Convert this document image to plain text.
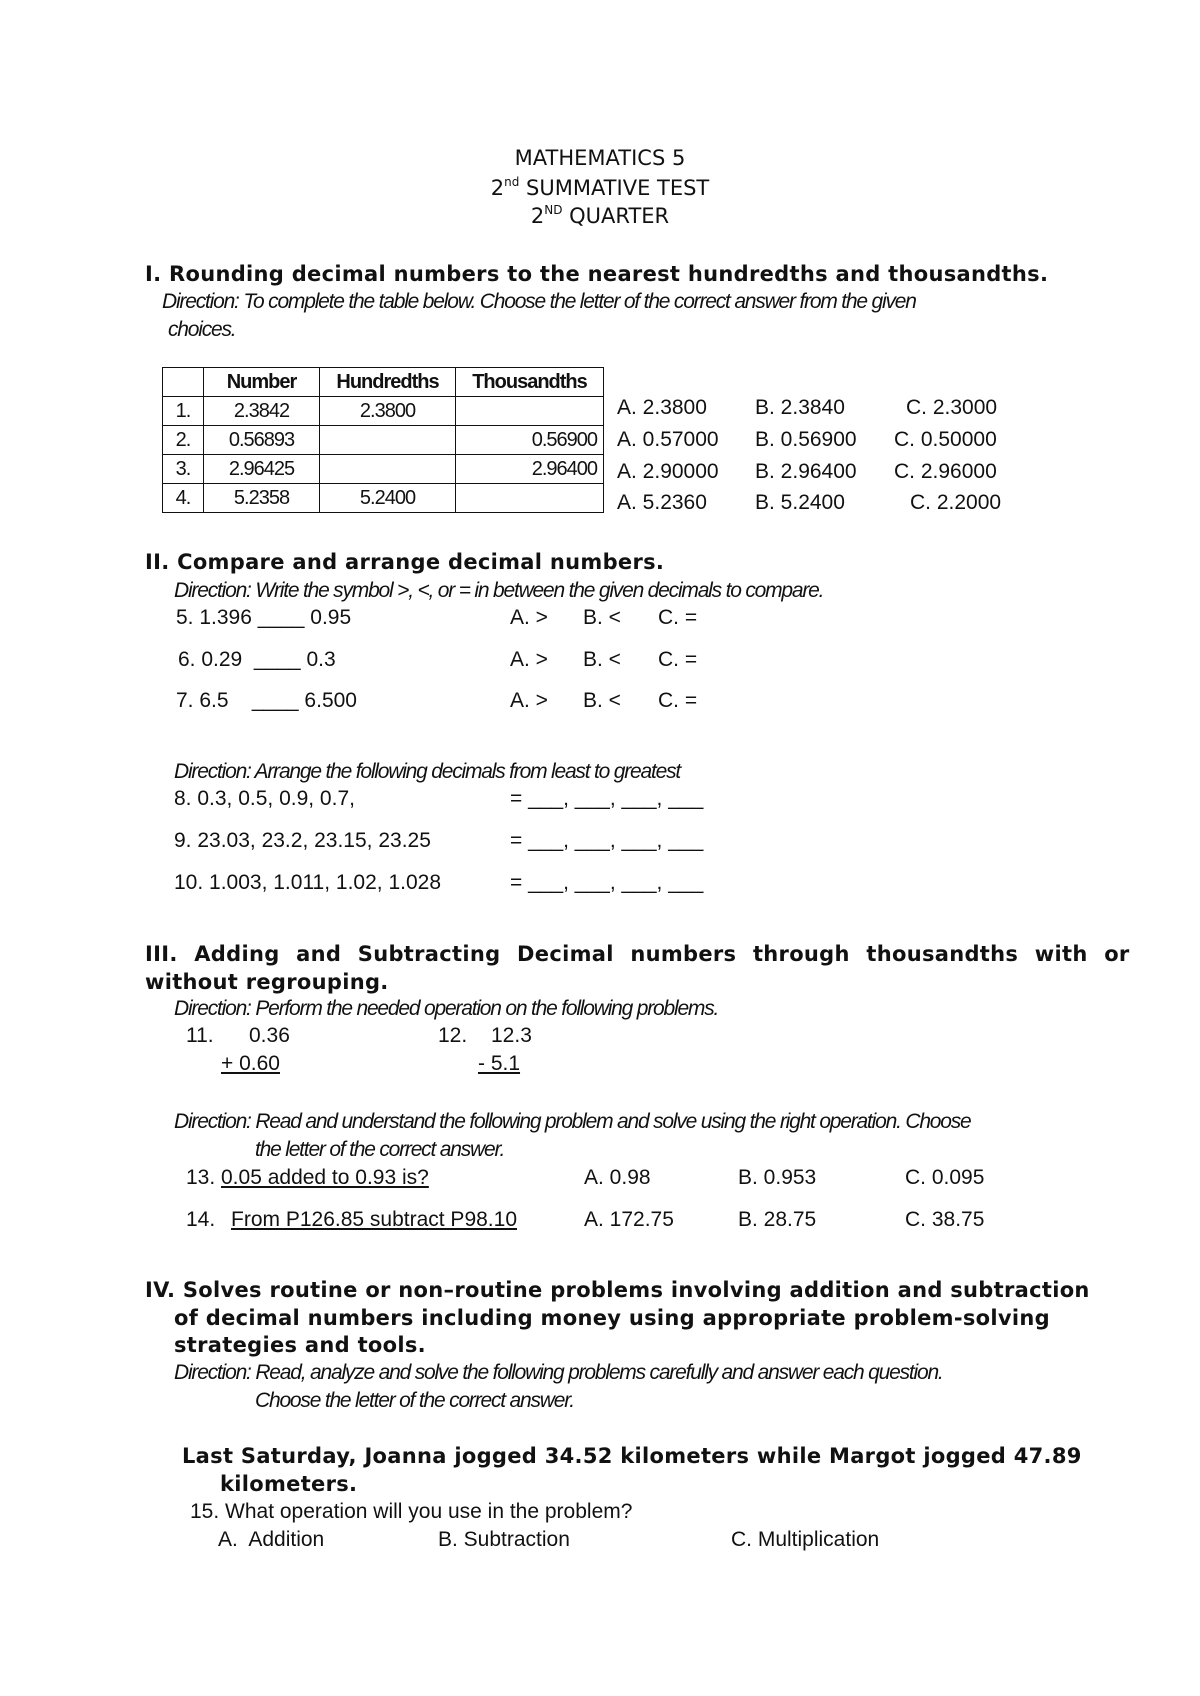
MATHEMATICS 5
2nd SUMMATIVE TEST
2ND QUARTER
I. Rounding decimal numbers to the nearest hundredths and thousandths.
Direction: To complete the table below. Choose the letter of the correct answer from the given
choices.
	Number	Hundredths	Thousandths
1.	2.3842	2.3800	
2.	0.56893		0.56900
3.	2.96425		2.96400
4.	5.2358	5.2400	
A. 2.3800 B. 2.3840	C. 2.3000
A. 0.57000 B. 0.56900 C. 0.50000
A. 2.90000 B. 2.96400 C. 2.96000
A. 5.2360 B. 5.2400	C. 2.2000
II. Compare and arrange decimal numbers.
Direction: Write the symbol >, <, or = in between the given decimals to compare.
5. 1.396 ____ 0.95	A. > B. < C. =
6. 0.29  ____ 0.3	A. > B. < C. =
7. 6.5    ____ 6.500	A. > B. < C. =
Direction: Arrange the following decimals from least to greatest
8. 0.3, 0.5, 0.9, 0.7,	= ___, ___, ___, ___
9. 23.03, 23.2, 23.15, 23.25	= ___, ___, ___, ___
10. 1.003, 1.011, 1.02, 1.028	= ___, ___, ___, ___
III. Adding and Subtracting Decimal numbers through thousandths with or
without regrouping.
Direction: Perform the needed operation on the following problems.
11. 0.36
+ 0.60
12. 12.3
- 5.1
Direction: Read and understand the following problem and solve using the right operation. Choose
the letter of the correct answer.
13. 0.05 added to 0.93 is?	A. 0.98	B. 0.953	C. 0.095
14. From P126.85 subtract P98.10	A. 172.75	B. 28.75	C. 38.75
IV. Solves routine or non–routine problems involving addition and subtraction
of decimal numbers including money using appropriate problem-solving
strategies and tools.
Direction: Read, analyze and solve the following problems carefully and answer each question.
Choose the letter of the correct answer.
Last Saturday, Joanna jogged 34.52 kilometers while Margot jogged 47.89
kilometers.
15. What operation will you use in the problem?
A.  Addition	B. Subtraction	C. Multiplication
